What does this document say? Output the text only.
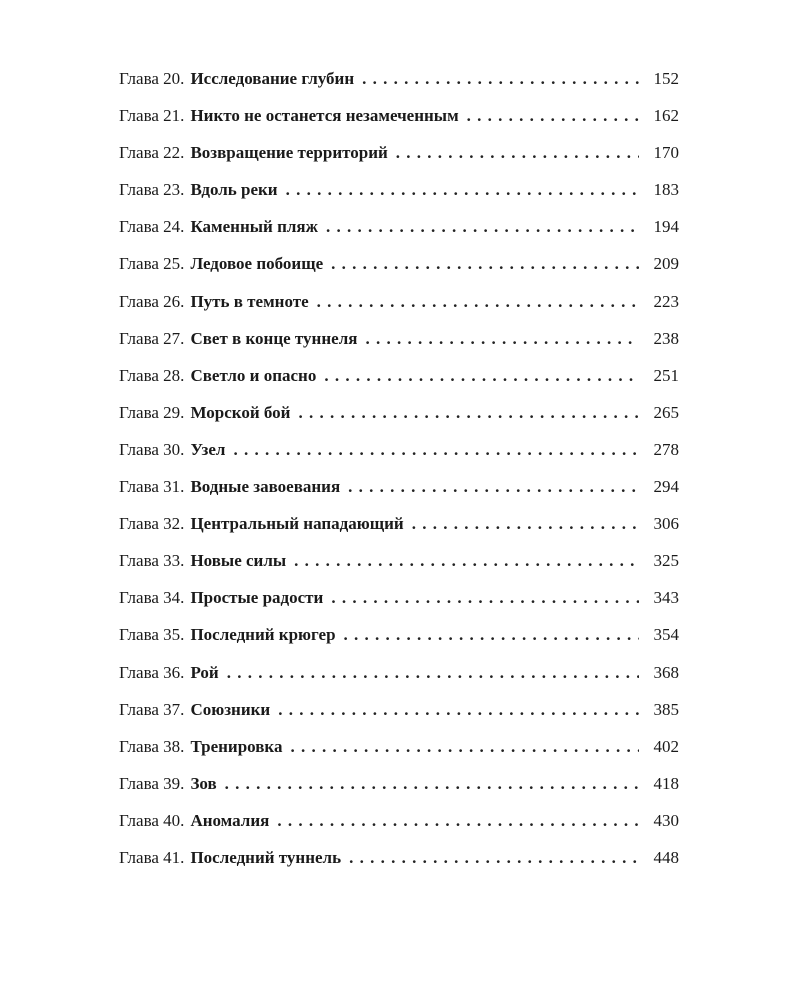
Глава 20. Исследование глубин . . .	152
Глава 21. Никто не останется незамеченным . . .	162
Глава 22. Возвращение территорий . . .	170
Глава 23. Вдоль реки . . .	183
Глава 24. Каменный пляж . . .	194
Глава 25. Ледовое побоище . . .	209
Глава 26. Путь в темноте . . .	223
Глава 27. Свет в конце туннеля . . .	238
Глава 28. Светло и опасно . . .	251
Глава 29. Морской бой . . .	265
Глава 30. Узел . . .	278
Глава 31. Водные завоевания . . .	294
Глава 32. Центральный нападающий . . .	306
Глава 33. Новые силы . . .	325
Глава 34. Простые радости . . .	343
Глава 35. Последний крюгер . . .	354
Глава 36. Рой . . .	368
Глава 37. Союзники . . .	385
Глава 38. Тренировка . . .	402
Глава 39. Зов . . .	418
Глава 40. Аномалия . . .	430
Глава 41. Последний туннель . . .	448
